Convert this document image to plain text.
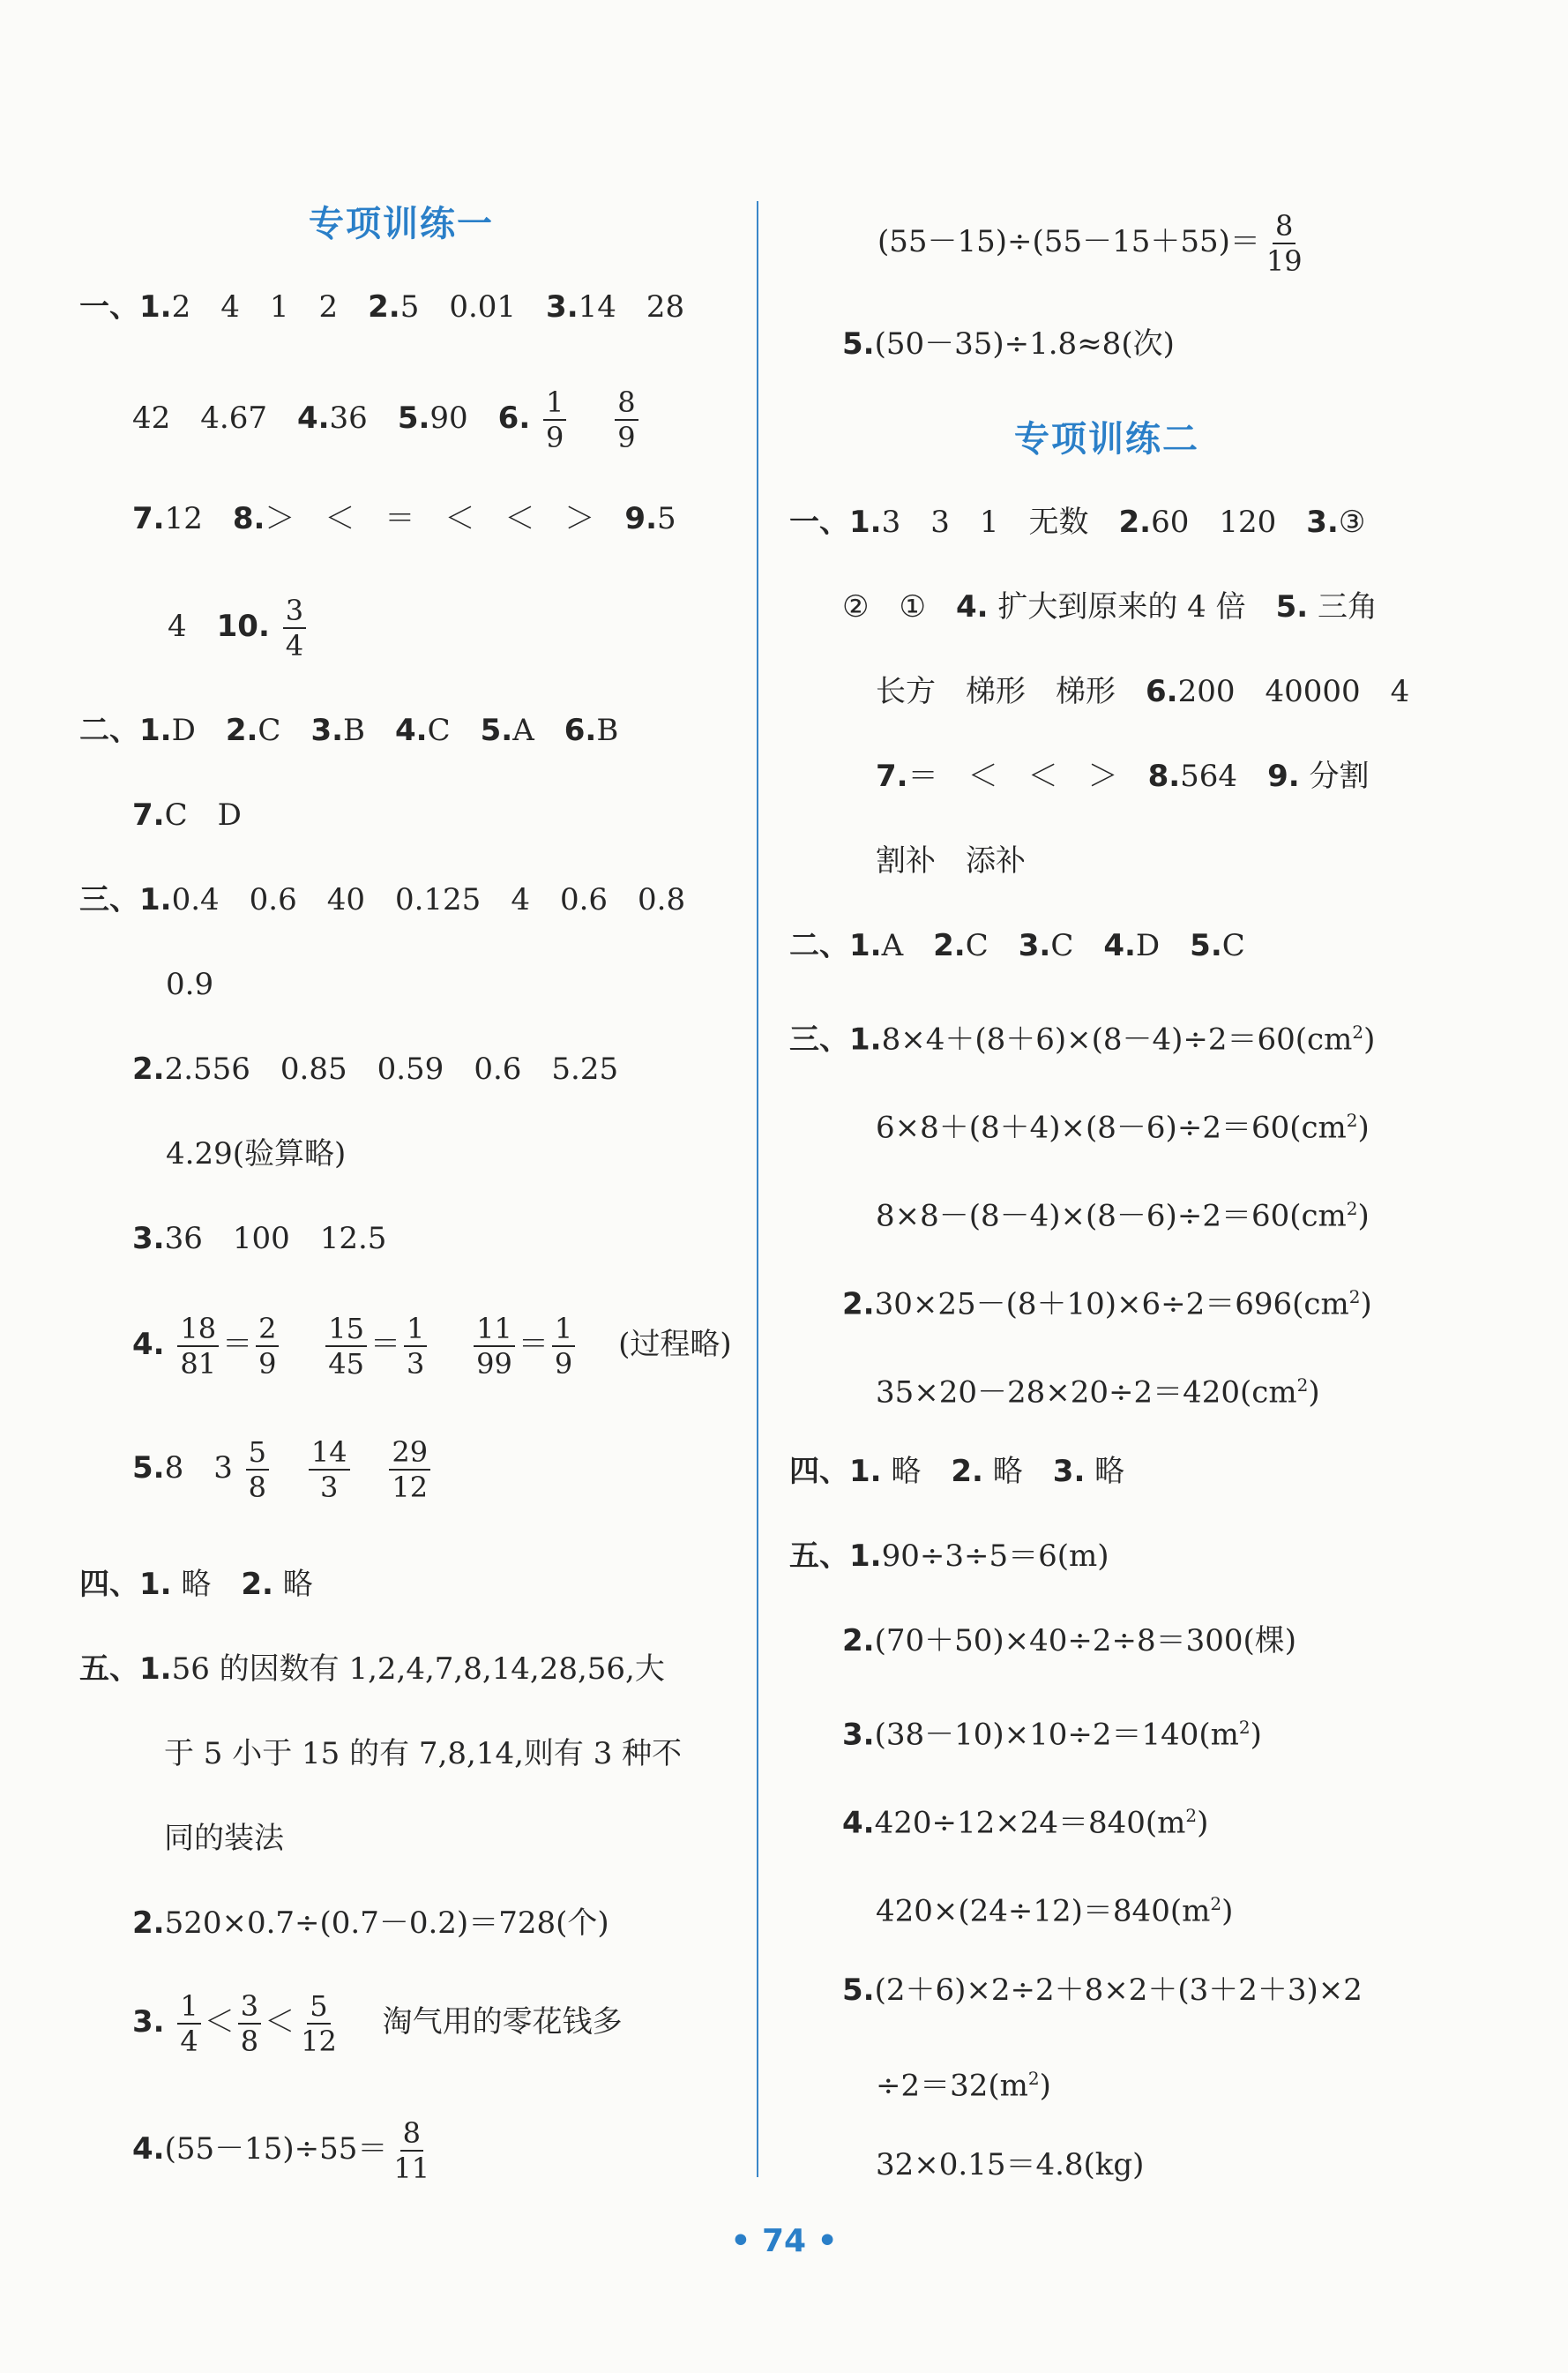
专项训练一
一、1.2　4　1　2　 2.5　0.01　 3.14　28
42　4.67　 4.36　 5.90　 6. $\frac{1}{9}$
$\frac{8}{9}$
7.12　 8.＞　＜　＝　＜　＜　＞　 9.5
4　 10. $\frac{3}{4}$
二、1.D　 2.C　 3.B　 4.C　 5.A　 6.B
7.C　D
三、1.0.4　0.6　40　0.125　4　0.6　0.8
0.9
2.2.556　0.85　0.59　0.6　5.25
4.29(验算略)
3.36　100　12.5
4. $\frac{18}{81} = \frac{2}{9}$
　 $\frac{15}{45} = \frac{1}{3}$
　 $\frac{11}{99} = \frac{1}{9}$
　 (过程略)
5.8　 $3 \frac{5}{8}$
$\frac{14}{3}$
$\frac{29}{12}$
四、1. 略　 2. 略
五、1.56 的因数有 1,2,4,7,8,14,28,56,大
于 5 小于 15 的有 7,8,14,则有 3 种不
同的装法
2.520×0.7÷(0.7－0.2)＝728(个)
3. $\frac{1}{4} < \frac{3}{8} < \frac{5}{12}$
　 淘气用的零花钱多
$4.(55-15)\div 55= \frac{8}{11}$
$(55-15)\div(55-15+55)= \frac{8}{19}$
5.(50－35)÷1.8≈8(次)
专项训练二
一、1.3　3　1　无数　 2.60　120　 3.③
②　①　 4. 扩大到原来的 4 倍　 5. 三角
长方　梯形　梯形　 6.200　40000　4
7.＝　＜　＜　＞　 8.564　 9. 分割
割补　添补
二、1.A　 2.C　 3.C　 4.D　 5.C
三、$1.8\times 4+(8+6)\times(8-4)\div 2=60(cm^2)$
$6\times 8+(8+4)\times(8-6)\div 2=60(cm^2)$
$8\times 8-(8-4)\times(8-6)\div 2=60(cm^2)$
$2.30\times 25-(8+10)\times 6\div 2=696(cm^2)$
$35\times 20-28\times 20\div 2=420(cm^2)$
四、1. 略　 2. 略　 3. 略
五、1.90÷3÷5＝6(m)
2.(70＋50)×40÷2÷8＝300(棵)
$3.(38-10)\times 10\div 2=140(m^2)$
$4.420\div 12\times 24=840(m^2)$
$420\times(24\div 12)=840(m^2)$
5.(2＋6)×2÷2＋8×2＋(3＋2＋3)×2
$\div 2=32(m^2)$
32×0.15＝4.8(kg)
• 74 •
